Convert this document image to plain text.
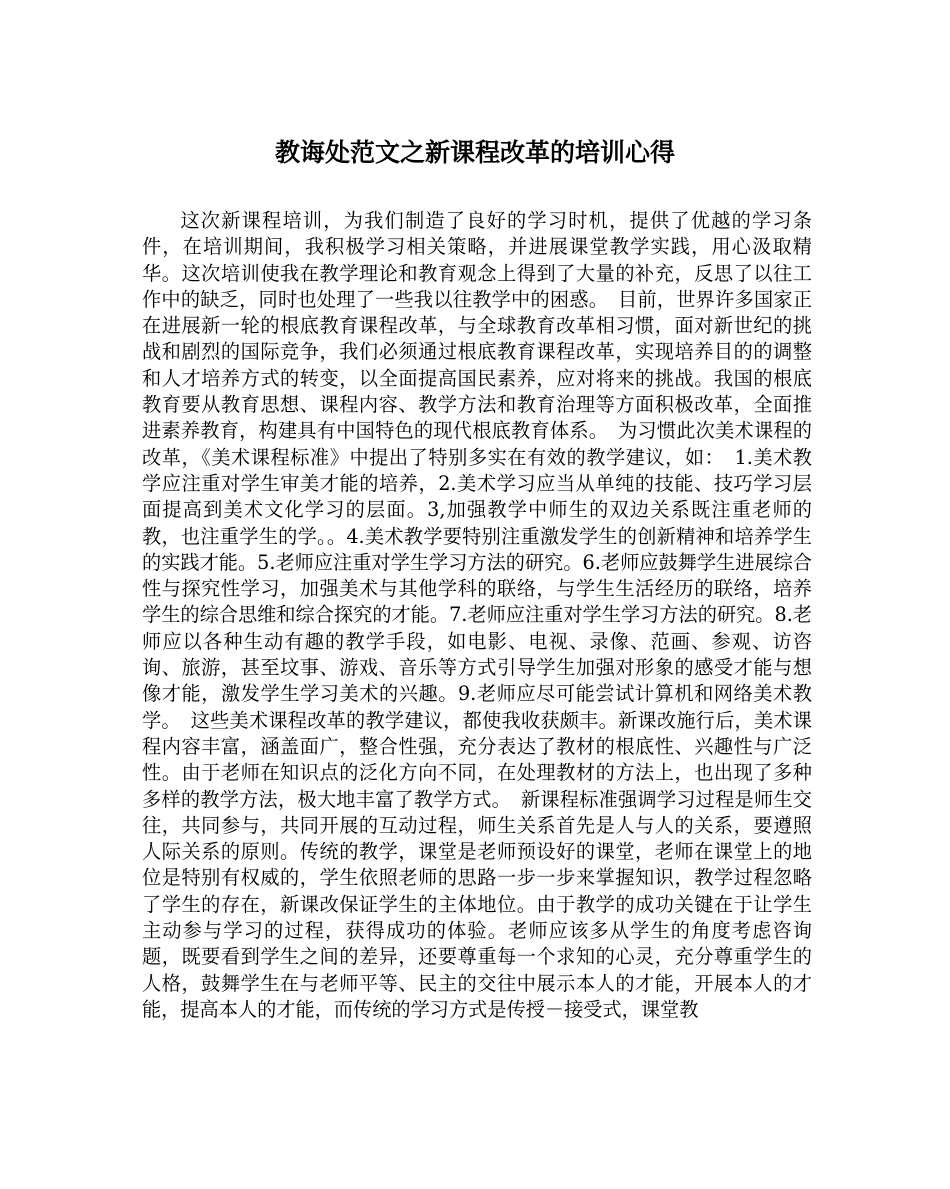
教诲处范文之新课程改革的培训心得

这次新课程培训，为我们制造了良好的学习时机，提供了优越的学习条件，在培训期间，我积极学习相关策略，并进展课堂教学实践，用心汲取精华。这次培训使我在教学理论和教育观念上得到了大量的补充，反思了以往工作中的缺乏，同时也处理了一些我以往教学中的困惑。　目前，世界许多国家正在进展新一轮的根底教育课程改革，与全球教育改革相习惯，面对新世纪的挑战和剧烈的国际竞争，我们必须通过根底教育课程改革，实现培养目的的调整和人才培养方式的转变，以全面提高国民素养，应对将来的挑战。我国的根底教育要从教育思想、课程内容、教学方法和教育治理等方面积极改革，全面推进素养教育，构建具有中国特色的现代根底教育体系。　为习惯此次美术课程的改革，《美术课程标准》中提出了特别多实在有效的教学建议，如：　1.美术教学应注重对学生审美才能的培养，2.美术学习应当从单纯的技能、技巧学习层面提高到美术文化学习的层面。3,加强教学中师生的双边关系既注重老师的教，也注重学生的学。。4.美术教学要特别注重激发学生的创新精神和培养学生的实践才能。5.老师应注重对学生学习方法的研究。6.老师应鼓舞学生进展综合性与探究性学习，加强美术与其他学科的联络，与学生生活经历的联络，培养学生的综合思维和综合探究的才能。7.老师应注重对学生学习方法的研究。8.老师应以各种生动有趣的教学手段，如电影、电视、录像、范画、参观、访咨询、旅游，甚至坟事、游戏、音乐等方式引导学生加强对形象的感受才能与想像才能，激发学生学习美术的兴趣。9.老师应尽可能尝试计算机和网络美术教学。　这些美术课程改革的教学建议，都使我收获颇丰。新课改施行后，美术课程内容丰富，涵盖面广，整合性强，充分表达了教材的根底性、兴趣性与广泛性。由于老师在知识点的泛化方向不同，在处理教材的方法上，也出现了多种多样的教学方法，极大地丰富了教学方式。　新课程标准强调学习过程是师生交往，共同参与，共同开展的互动过程，师生关系首先是人与人的关系，要遵照人际关系的原则。传统的教学，课堂是老师预设好的课堂，老师在课堂上的地位是特别有权威的，学生依照老师的思路一步一步来掌握知识，教学过程忽略了学生的存在，新课改保证学生的主体地位。由于教学的成功关键在于让学生主动参与学习的过程，获得成功的体验。老师应该多从学生的角度考虑咨询题，既要看到学生之间的差异，还要尊重每一个求知的心灵，充分尊重学生的人格，鼓舞学生在与老师平等、民主的交往中展示本人的才能，开展本人的才能，提高本人的才能，而传统的学习方式是传授－接受式，课堂教
